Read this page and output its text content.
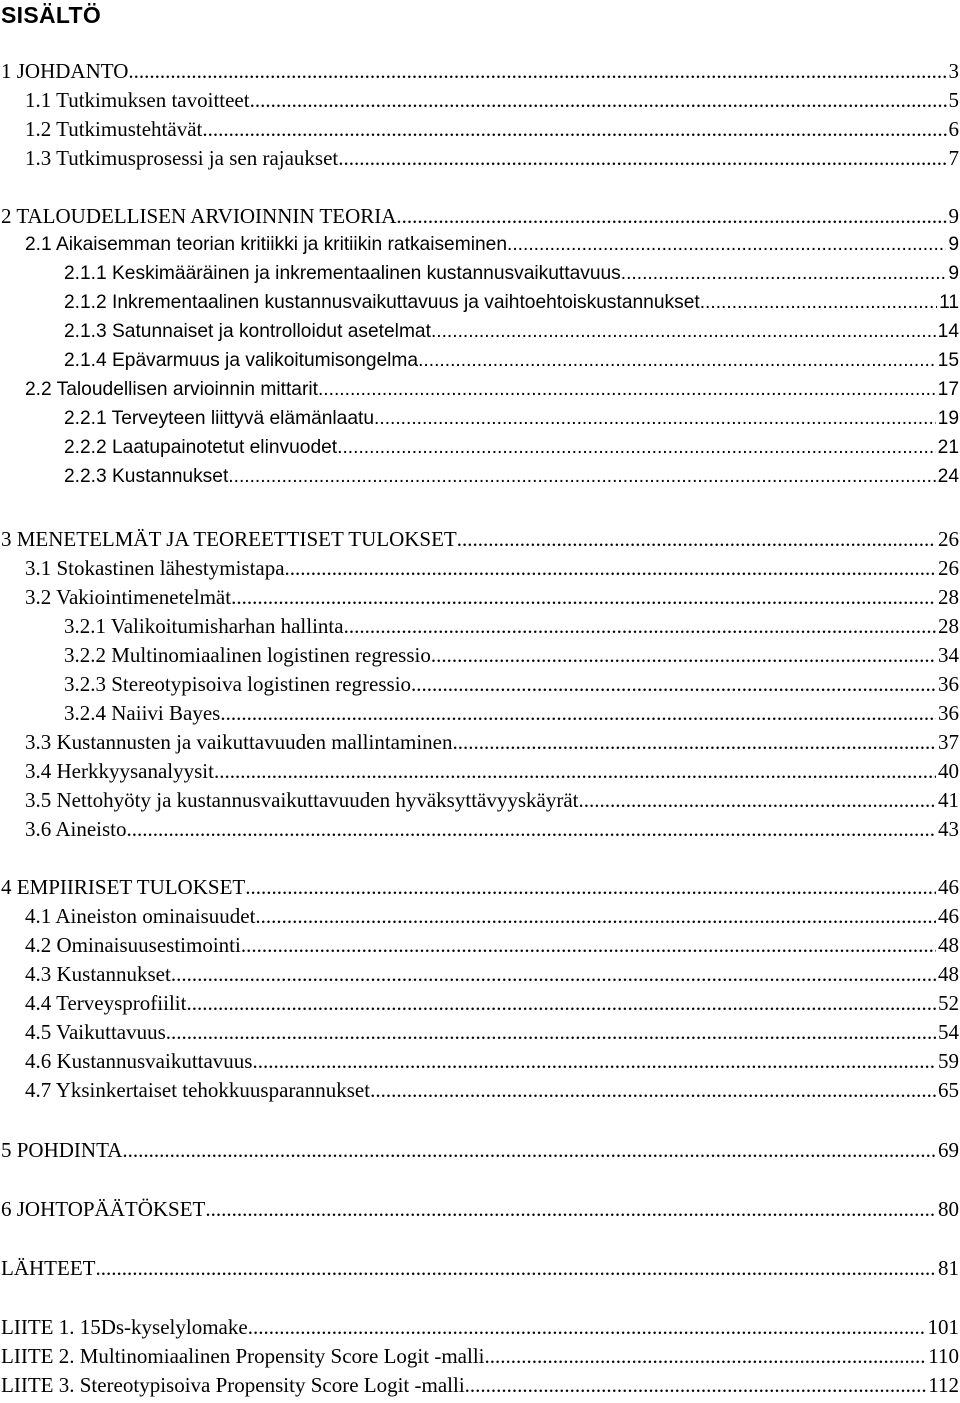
SISÄLTÖ
1 JOHDANTO .....	3
1.1 Tutkimuksen tavoitteet .....	5
1.2 Tutkimustehtävät .....	6
1.3 Tutkimusprosessi ja sen rajaukset .....	7
2 TALOUDELLISEN ARVIOINNIN TEORIA .....	9
2.1 Aikaisemman teorian kritiikki ja kritiikin ratkaiseminen .....	9
2.1.1 Keskimääräinen ja inkrementaalinen kustannusvaikuttavuus .....	9
2.1.2 Inkrementaalinen kustannusvaikuttavuus ja vaihtoehtoiskustannukset .....	11
2.1.3 Satunnaiset ja kontrolloidut asetelmat .....	14
2.1.4 Epävarmuus ja valikoitumisongelma .....	15
2.2 Taloudellisen arvioinnin mittarit .....	17
2.2.1 Terveyteen liittyvä elämänlaatu .....	19
2.2.2 Laatupainotetut elinvuodet .....	21
2.2.3 Kustannukset .....	24
3 MENETELMÄT JA TEOREETTISET TULOKSET .....	26
3.1 Stokastinen lähestymistapa .....	26
3.2 Vakiointimenetelmät .....	28
3.2.1 Valikoitumisharhan hallinta .....	28
3.2.2 Multinomiaalinen logistinen regressio .....	34
3.2.3 Stereotypisoiva logistinen regressio .....	36
3.2.4 Naiivi Bayes .....	36
3.3 Kustannusten ja vaikuttavuuden mallintaminen .....	37
3.4 Herkkyysanalyysit .....	40
3.5 Nettohyöty ja kustannusvaikuttavuuden hyväksyttävyyskäyrät .....	41
3.6 Aineisto .....	43
4 EMPIIRISET TULOKSET .....	46
4.1 Aineiston ominaisuudet .....	46
4.2 Ominaisuusestimointi .....	48
4.3 Kustannukset .....	48
4.4 Terveysprofiilit .....	52
4.5 Vaikuttavuus .....	54
4.6 Kustannusvaikuttavuus .....	59
4.7 Yksinkertaiset tehokkuusparannukset .....	65
5 POHDINTA .....	69
6 JOHTOPÄÄTÖKSET .....	80
LÄHTEET .....	81
LIITE 1. 15Ds-kyselylomake .....	101
LIITE 2. Multinomiaalinen Propensity Score Logit -malli .....	110
LIITE 3. Stereotypisoiva Propensity Score Logit -malli .....	112
